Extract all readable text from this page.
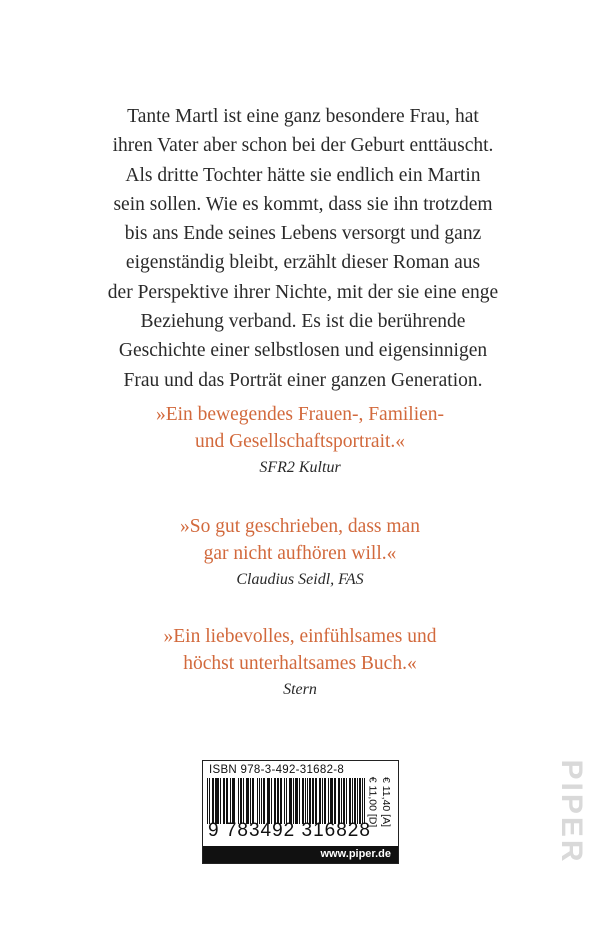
Tante Martl ist eine ganz besondere Frau, hat
ihren Vater aber schon bei der Geburt enttäuscht.
Als dritte Tochter hätte sie endlich ein Martin
sein sollen. Wie es kommt, dass sie ihn trotzdem
bis ans Ende seines Lebens versorgt und ganz
eigenständig bleibt, erzählt dieser Roman aus
der Perspektive ihrer Nichte, mit der sie eine enge
Beziehung verband. Es ist die berührende
Geschichte einer selbstlosen und eigensinnigen
Frau und das Porträt einer ganzen Generation.
»Ein bewegendes Frauen-, Familien-
und Gesellschaftsportrait.«
SFR2 Kultur
»So gut geschrieben, dass man
gar nicht aufhören will.«
Claudius Seidl, FAS
»Ein liebevolles, einfühlsames und
höchst unterhaltsames Buch.«
Stern
ISBN 978-3-492-31682-8
9 783492 316828
€ 11,00 [D] € 11,40 [A]
www.piper.de	PIPER
